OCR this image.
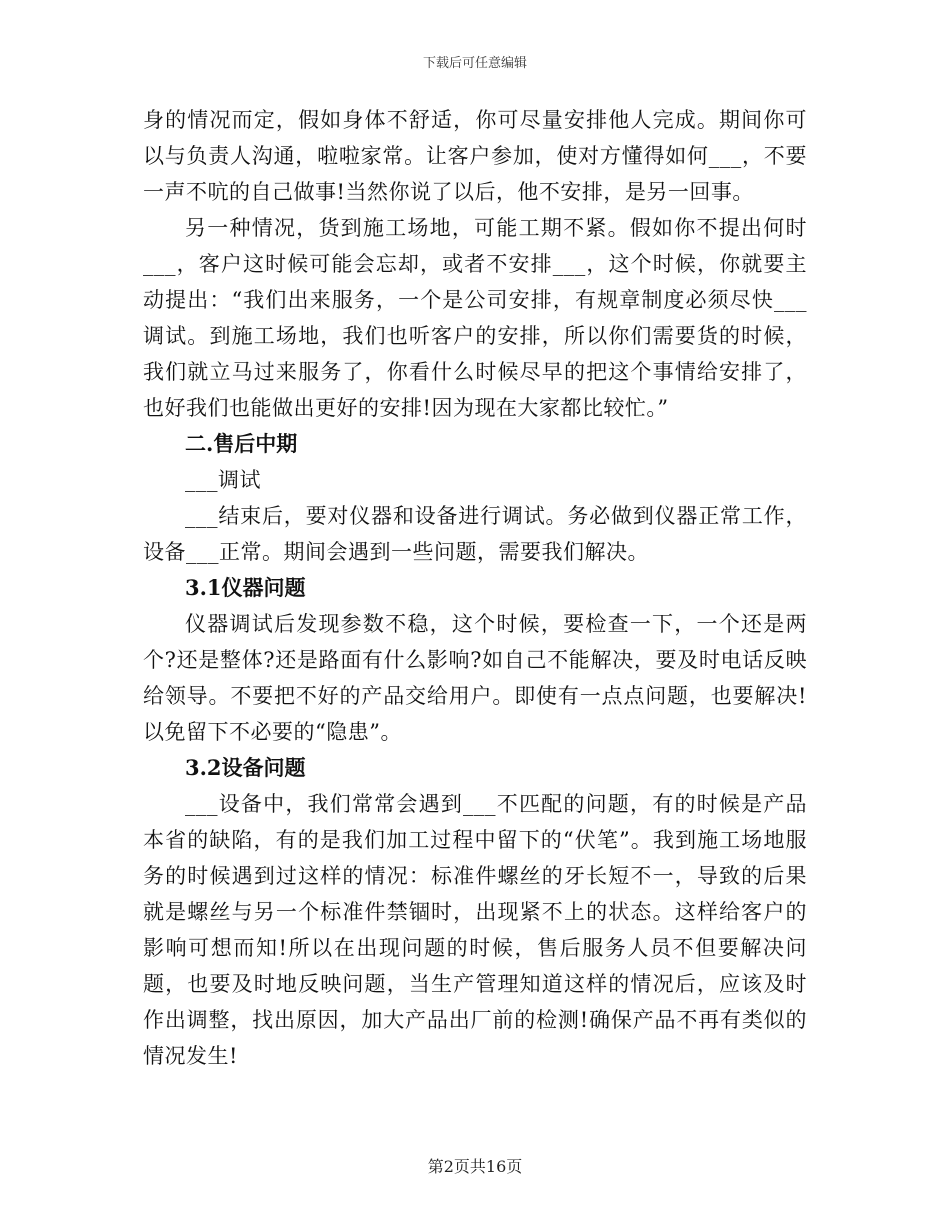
下载后可任意编辑

身的情况而定，假如身体不舒适，你可尽量安排他人完成。期间你可以与负责人沟通，啦啦家常。让客户参加，使对方懂得如何___，不要一声不吭的自己做事!当然你说了以后，他不安排，是另一回事。

另一种情况，货到施工场地，可能工期不紧。假如你不提出何时___，客户这时候可能会忘却，或者不安排___，这个时候，你就要主动提出：“我们出来服务，一个是公司安排，有规章制度必须尽快___调试。到施工场地，我们也听客户的安排，所以你们需要货的时候，我们就立马过来服务了，你看什么时候尽早的把这个事情给安排了，也好我们也能做出更好的安排!因为现在大家都比较忙。”

二.售后中期

___调试

___结束后，要对仪器和设备进行调试。务必做到仪器正常工作，设备___正常。期间会遇到一些问题，需要我们解决。

3.1仪器问题

仪器调试后发现参数不稳，这个时候，要检查一下，一个还是两个?还是整体?还是路面有什么影响?如自己不能解决，要及时电话反映给领导。不要把不好的产品交给用户。即使有一点点问题，也要解决!以免留下不必要的“隐患”。

3.2设备问题

___设备中，我们常常会遇到___不匹配的问题，有的时候是产品本省的缺陷，有的是我们加工过程中留下的“伏笔”。我到施工场地服务的时候遇到过这样的情况：标准件螺丝的牙长短不一，导致的后果就是螺丝与另一个标准件禁锢时，出现紧不上的状态。这样给客户的影响可想而知!所以在出现问题的时候，售后服务人员不但要解决问题，也要及时地反映问题，当生产管理知道这样的情况后，应该及时作出调整，找出原因，加大产品出厂前的检测!确保产品不再有类似的情况发生!

第2页共16页
